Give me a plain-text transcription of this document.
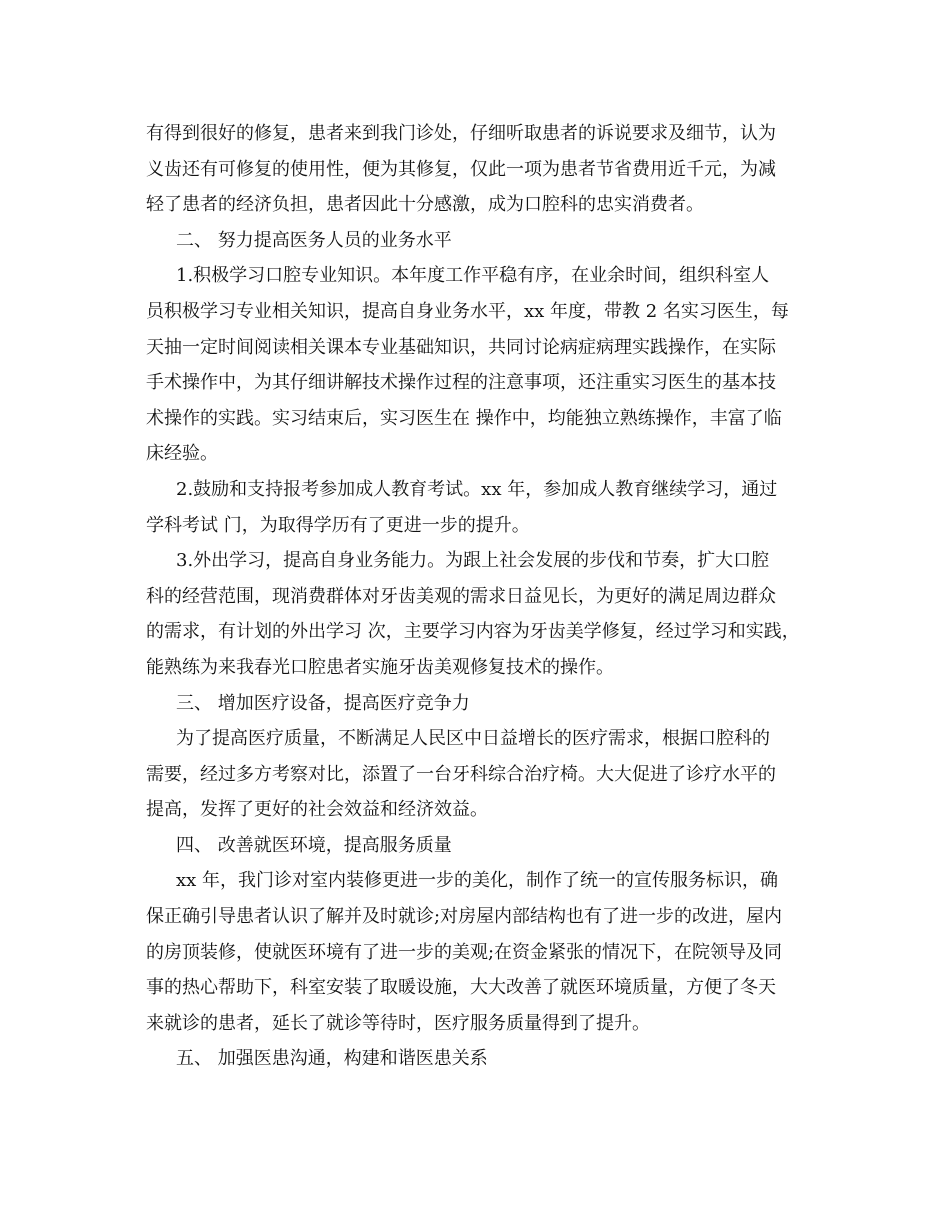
有得到很好的修复，患者来到我门诊处，仔细听取患者的诉说要求及细节，认为
义齿还有可修复的使用性，便为其修复，仅此一项为患者节省费用近千元，为减
轻了患者的经济负担，患者因此十分感激，成为口腔科的忠实消费者。
二、 努力提高医务人员的业务水平
1.积极学习口腔专业知识。本年度工作平稳有序，在业余时间，组织科室人
员积极学习专业相关知识，提高自身业务水平，xx 年度，带教 2 名实习医生，每
天抽一定时间阅读相关课本专业基础知识，共同讨论病症病理实践操作，在实际
手术操作中，为其仔细讲解技术操作过程的注意事项，还注重实习医生的基本技
术操作的实践。实习结束后，实习医生在 操作中，均能独立熟练操作，丰富了临
床经验。
2.鼓励和支持报考参加成人教育考试。xx 年，参加成人教育继续学习，通过
学科考试 门，为取得学历有了更进一步的提升。
3.外出学习，提高自身业务能力。为跟上社会发展的步伐和节奏，扩大口腔
科的经营范围，现消费群体对牙齿美观的需求日益见长，为更好的满足周边群众
的需求，有计划的外出学习 次，主要学习内容为牙齿美学修复，经过学习和实践，
能熟练为来我春光口腔患者实施牙齿美观修复技术的操作。
三、 增加医疗设备，提高医疗竞争力
为了提高医疗质量，不断满足人民区中日益增长的医疗需求，根据口腔科的
需要，经过多方考察对比，添置了一台牙科综合治疗椅。大大促进了诊疗水平的
提高，发挥了更好的社会效益和经济效益。
四、 改善就医环境，提高服务质量
xx 年，我门诊对室内装修更进一步的美化，制作了统一的宣传服务标识，确
保正确引导患者认识了解并及时就诊;对房屋内部结构也有了进一步的改进，屋内
的房顶装修，使就医环境有了进一步的美观;在资金紧张的情况下，在院领导及同
事的热心帮助下，科室安装了取暖设施，大大改善了就医环境质量，方便了冬天
来就诊的患者，延长了就诊等待时，医疗服务质量得到了提升。
五、 加强医患沟通，构建和谐医患关系
